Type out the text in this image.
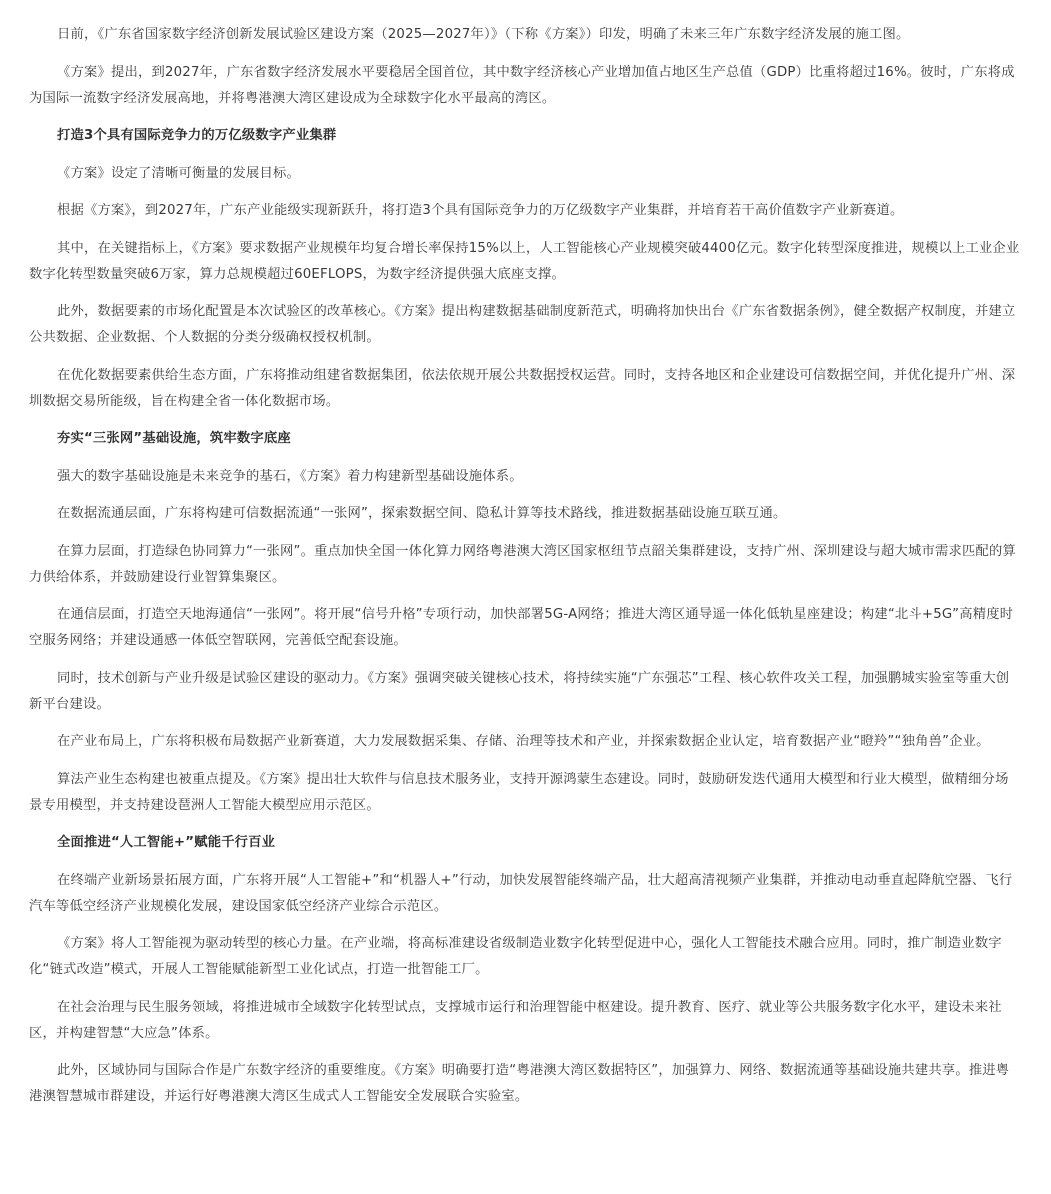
日前，《广东省国家数字经济创新发展试验区建设方案（2025—2027年）》（下称《方案》）印发，明确了未来三年广东数字经济发展的施工图。

《方案》提出，到2027年，广东省数字经济发展水平要稳居全国首位，其中数字经济核心产业增加值占地区生产总值（GDP）比重将超过16%。彼时，广东将成为国际一流数字经济发展高地，并将粤港澳大湾区建设成为全球数字化水平最高的湾区。

打造3个具有国际竞争力的万亿级数字产业集群

《方案》设定了清晰可衡量的发展目标。

根据《方案》，到2027年，广东产业能级实现新跃升，将打造3个具有国际竞争力的万亿级数字产业集群，并培育若干高价值数字产业新赛道。

其中，在关键指标上，《方案》要求数据产业规模年均复合增长率保持15%以上，人工智能核心产业规模突破4400亿元。数字化转型深度推进，规模以上工业企业数字化转型数量突破6万家，算力总规模超过60EFLOPS，为数字经济提供强大底座支撑。

此外，数据要素的市场化配置是本次试验区的改革核心。《方案》提出构建数据基础制度新范式，明确将加快出台《广东省数据条例》，健全数据产权制度，并建立公共数据、企业数据、个人数据的分类分级确权授权机制。

在优化数据要素供给生态方面，广东将推动组建省数据集团，依法依规开展公共数据授权运营。同时，支持各地区和企业建设可信数据空间，并优化提升广州、深圳数据交易所能级，旨在构建全省一体化数据市场。

夯实“三张网”基础设施，筑牢数字底座

强大的数字基础设施是未来竞争的基石，《方案》着力构建新型基础设施体系。

在数据流通层面，广东将构建可信数据流通“一张网”，探索数据空间、隐私计算等技术路线，推进数据基础设施互联互通。

在算力层面，打造绿色协同算力“一张网”。重点加快全国一体化算力网络粤港澳大湾区国家枢纽节点韶关集群建设，支持广州、深圳建设与超大城市需求匹配的算力供给体系，并鼓励建设行业智算集聚区。

在通信层面，打造空天地海通信“一张网”。将开展“信号升格”专项行动，加快部署5G-A网络；推进大湾区通导遥一体化低轨星座建设；构建“北斗+5G”高精度时空服务网络；并建设通感一体低空智联网，完善低空配套设施。

同时，技术创新与产业升级是试验区建设的驱动力。《方案》强调突破关键核心技术，将持续实施“广东强芯”工程、核心软件攻关工程，加强鹏城实验室等重大创新平台建设。

在产业布局上，广东将积极布局数据产业新赛道，大力发展数据采集、存储、治理等技术和产业，并探索数据企业认定，培育数据产业“瞪羚”“独角兽”企业。

算法产业生态构建也被重点提及。《方案》提出壮大软件与信息技术服务业，支持开源鸿蒙生态建设。同时，鼓励研发迭代通用大模型和行业大模型，做精细分场景专用模型，并支持建设琶洲人工智能大模型应用示范区。

全面推进“人工智能+”赋能千行百业

在终端产业新场景拓展方面，广东将开展“人工智能+”和“机器人+”行动，加快发展智能终端产品，壮大超高清视频产业集群，并推动电动垂直起降航空器、飞行汽车等低空经济产业规模化发展，建设国家低空经济产业综合示范区。

《方案》将人工智能视为驱动转型的核心力量。在产业端，将高标准建设省级制造业数字化转型促进中心，强化人工智能技术融合应用。同时，推广制造业数字化“链式改造”模式，开展人工智能赋能新型工业化试点，打造一批智能工厂。

在社会治理与民生服务领域，将推进城市全域数字化转型试点，支撑城市运行和治理智能中枢建设。提升教育、医疗、就业等公共服务数字化水平，建设未来社区，并构建智慧“大应急”体系。

此外，区域协同与国际合作是广东数字经济的重要维度。《方案》明确要打造“粤港澳大湾区数据特区”，加强算力、网络、数据流通等基础设施共建共享。推进粤港澳智慧城市群建设，并运行好粤港澳大湾区生成式人工智能安全发展联合实验室。
